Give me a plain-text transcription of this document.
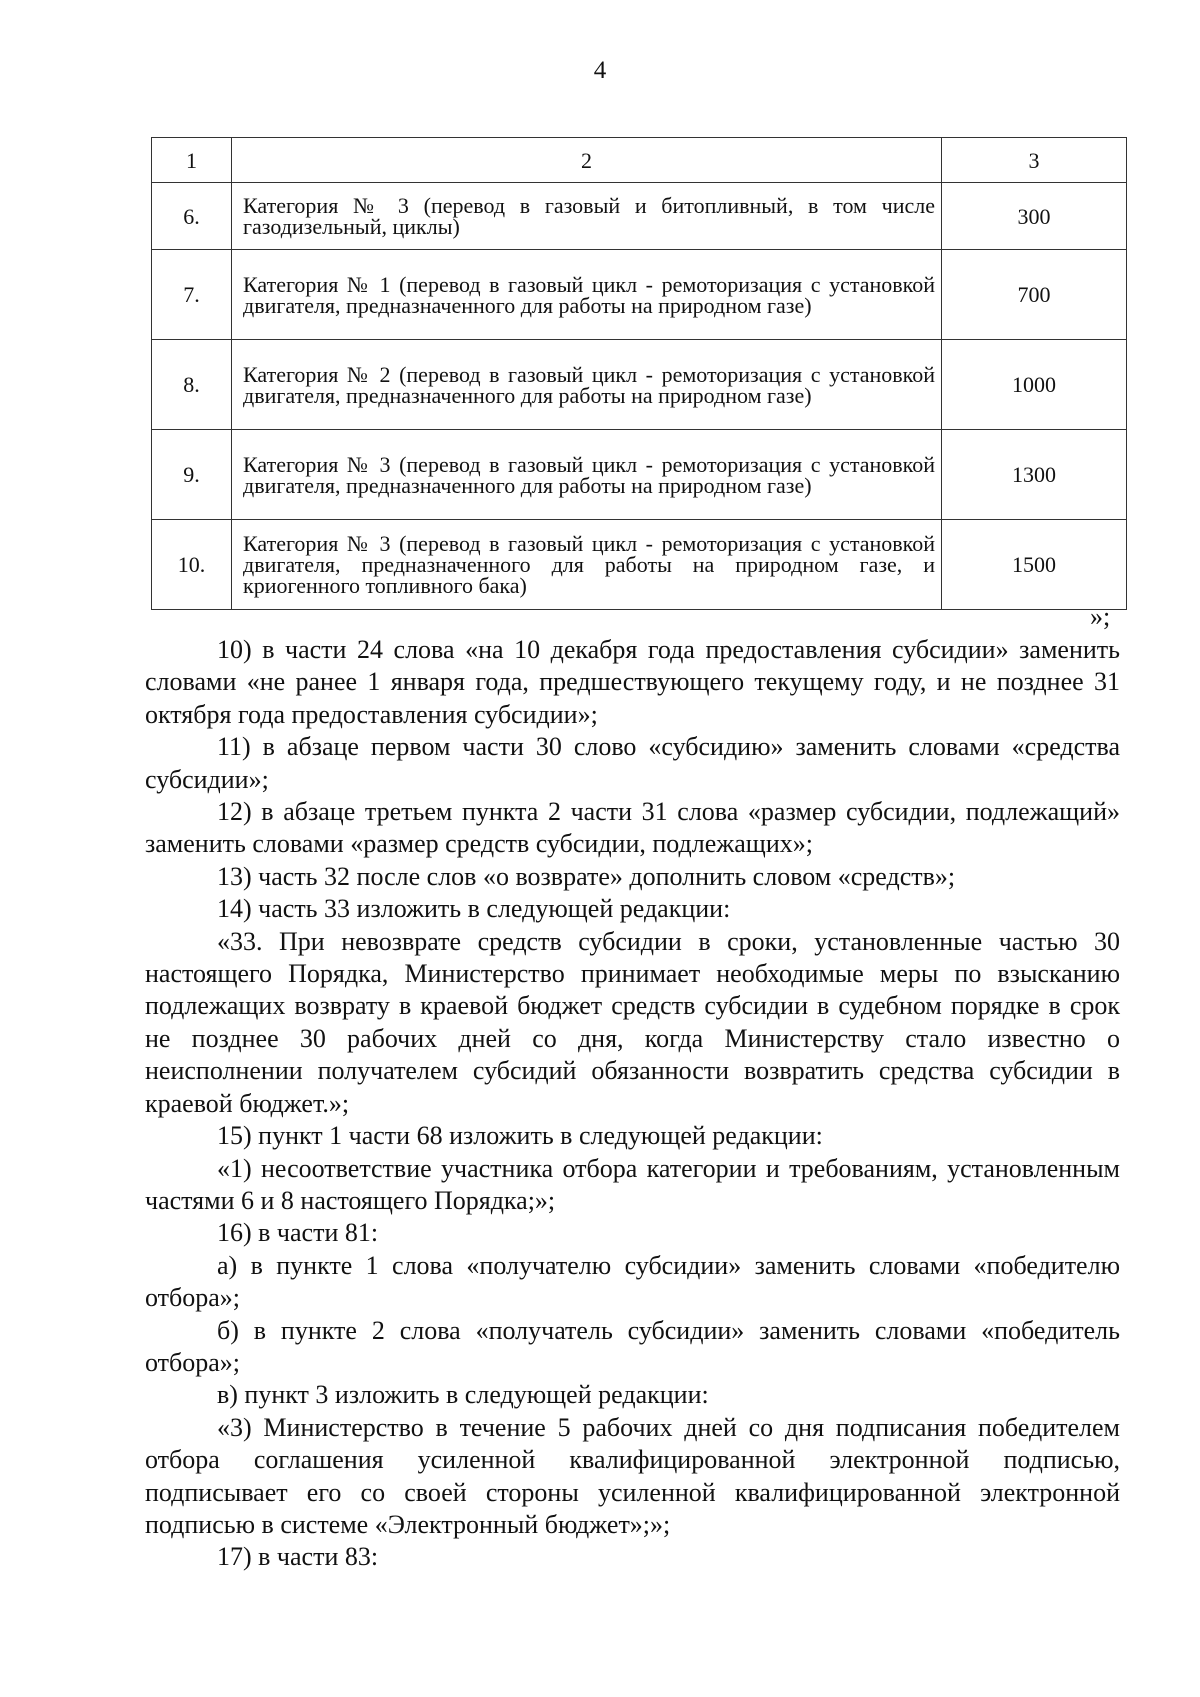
4
1	2	3
6.	Категория № 3 (перевод в газовый и битопливный, в том числе газодизельный, циклы)	300
7.	Категория № 1 (перевод в газовый цикл - ремоторизация с установкой двигателя, предназначенного для работы на природном газе)	700
8.	Категория № 2 (перевод в газовый цикл - ремоторизация с установкой двигателя, предназначенного для работы на природном газе)	1000
9.	Категория № 3 (перевод в газовый цикл - ремоторизация с установкой двигателя, предназначенного для работы на природном газе)	1300
10.	Категория № 3 (перевод в газовый цикл - ремоторизация с установкой двигателя, предназначенного для работы на природном газе, и криогенного топливного бака)	1500
»;

10) в части 24 слова «на 10 декабря года предоставления субсидии» заменить словами «не ранее 1 января года, предшествующего текущему году, и не позднее 31 октября года предоставления субсидии»;

11) в абзаце первом части 30 слово «субсидию» заменить словами «средства субсидии»;

12) в абзаце третьем пункта 2 части 31 слова «размер субсидии, подлежащий» заменить словами «размер средств субсидии, подлежащих»;

13) часть 32 после слов «о возврате» дополнить словом «средств»;

14) часть 33 изложить в следующей редакции:

«33. При невозврате средств субсидии в сроки, установленные частью 30 настоящего Порядка, Министерство принимает необходимые меры по взысканию подлежащих возврату в краевой бюджет средств субсидии в судебном порядке в срок не позднее 30 рабочих дней со дня, когда Министерству стало известно о неисполнении получателем субсидий обязанности возвратить средства субсидии в краевой бюджет.»;

15) пункт 1 части 68 изложить в следующей редакции:

«1) несоответствие участника отбора категории и требованиям, установленным частями 6 и 8 настоящего Порядка;»;

16) в части 81:

а) в пункте 1 слова «получателю субсидии» заменить словами «победителю отбора»;

б) в пункте 2 слова «получатель субсидии» заменить словами «победитель отбора»;

в) пункт 3 изложить в следующей редакции:

«3) Министерство в течение 5 рабочих дней со дня подписания победителем отбора соглашения усиленной квалифицированной электронной подписью, подписывает его со своей стороны усиленной квалифицированной электронной подписью в системе «Электронный бюджет»;»;

17) в части 83:
